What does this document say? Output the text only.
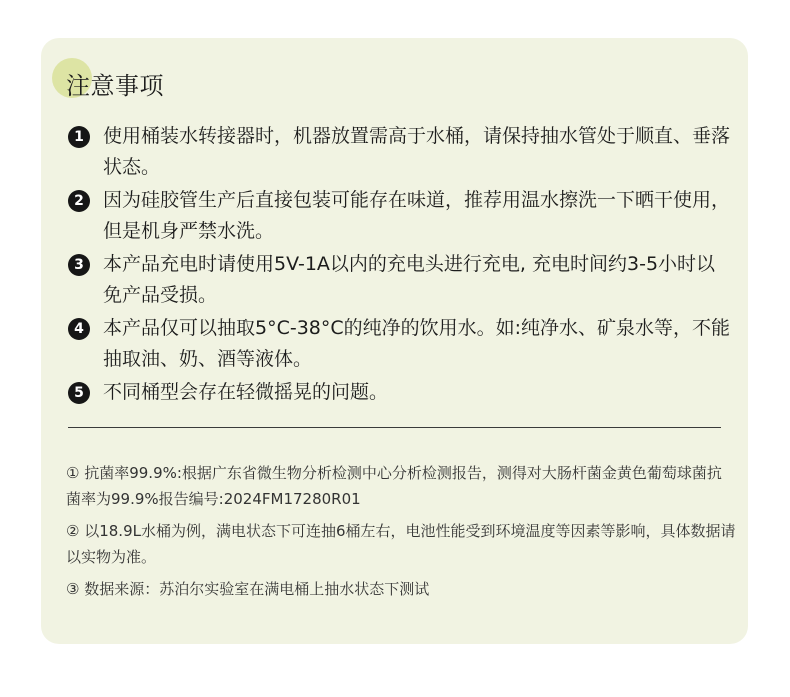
注意事项
1	使用桶装水转接器时，机器放置需高于水桶，请保持抽水管处于顺直、垂落状态。
2	因为硅胶管生产后直接包装可能存在味道，推荐用温水擦洗一下晒干使用，但是机身严禁水洗。
3	本产品充电时请使用5V-1A以内的充电头进行充电, 充电时间约3-5小时以免产品受损。
4	本产品仅可以抽取5°C-38°C的纯净的饮用水。如:纯净水、矿泉水等，不能抽取油、奶、酒等液体。
5	不同桶型会存在轻微摇晃的问题。
① 抗菌率99.9%:根据广东省微生物分析检测中心分析检测报告，测得对大肠杆菌金黄色葡萄球菌抗菌率为99.9%报告编号:2024FM17280R01
② 以18.9L水桶为例，满电状态下可连抽6桶左右，电池性能受到环境温度等因素等影响，具体数据请以实物为准。
③ 数据来源：苏泊尔实验室在满电桶上抽水状态下测试
